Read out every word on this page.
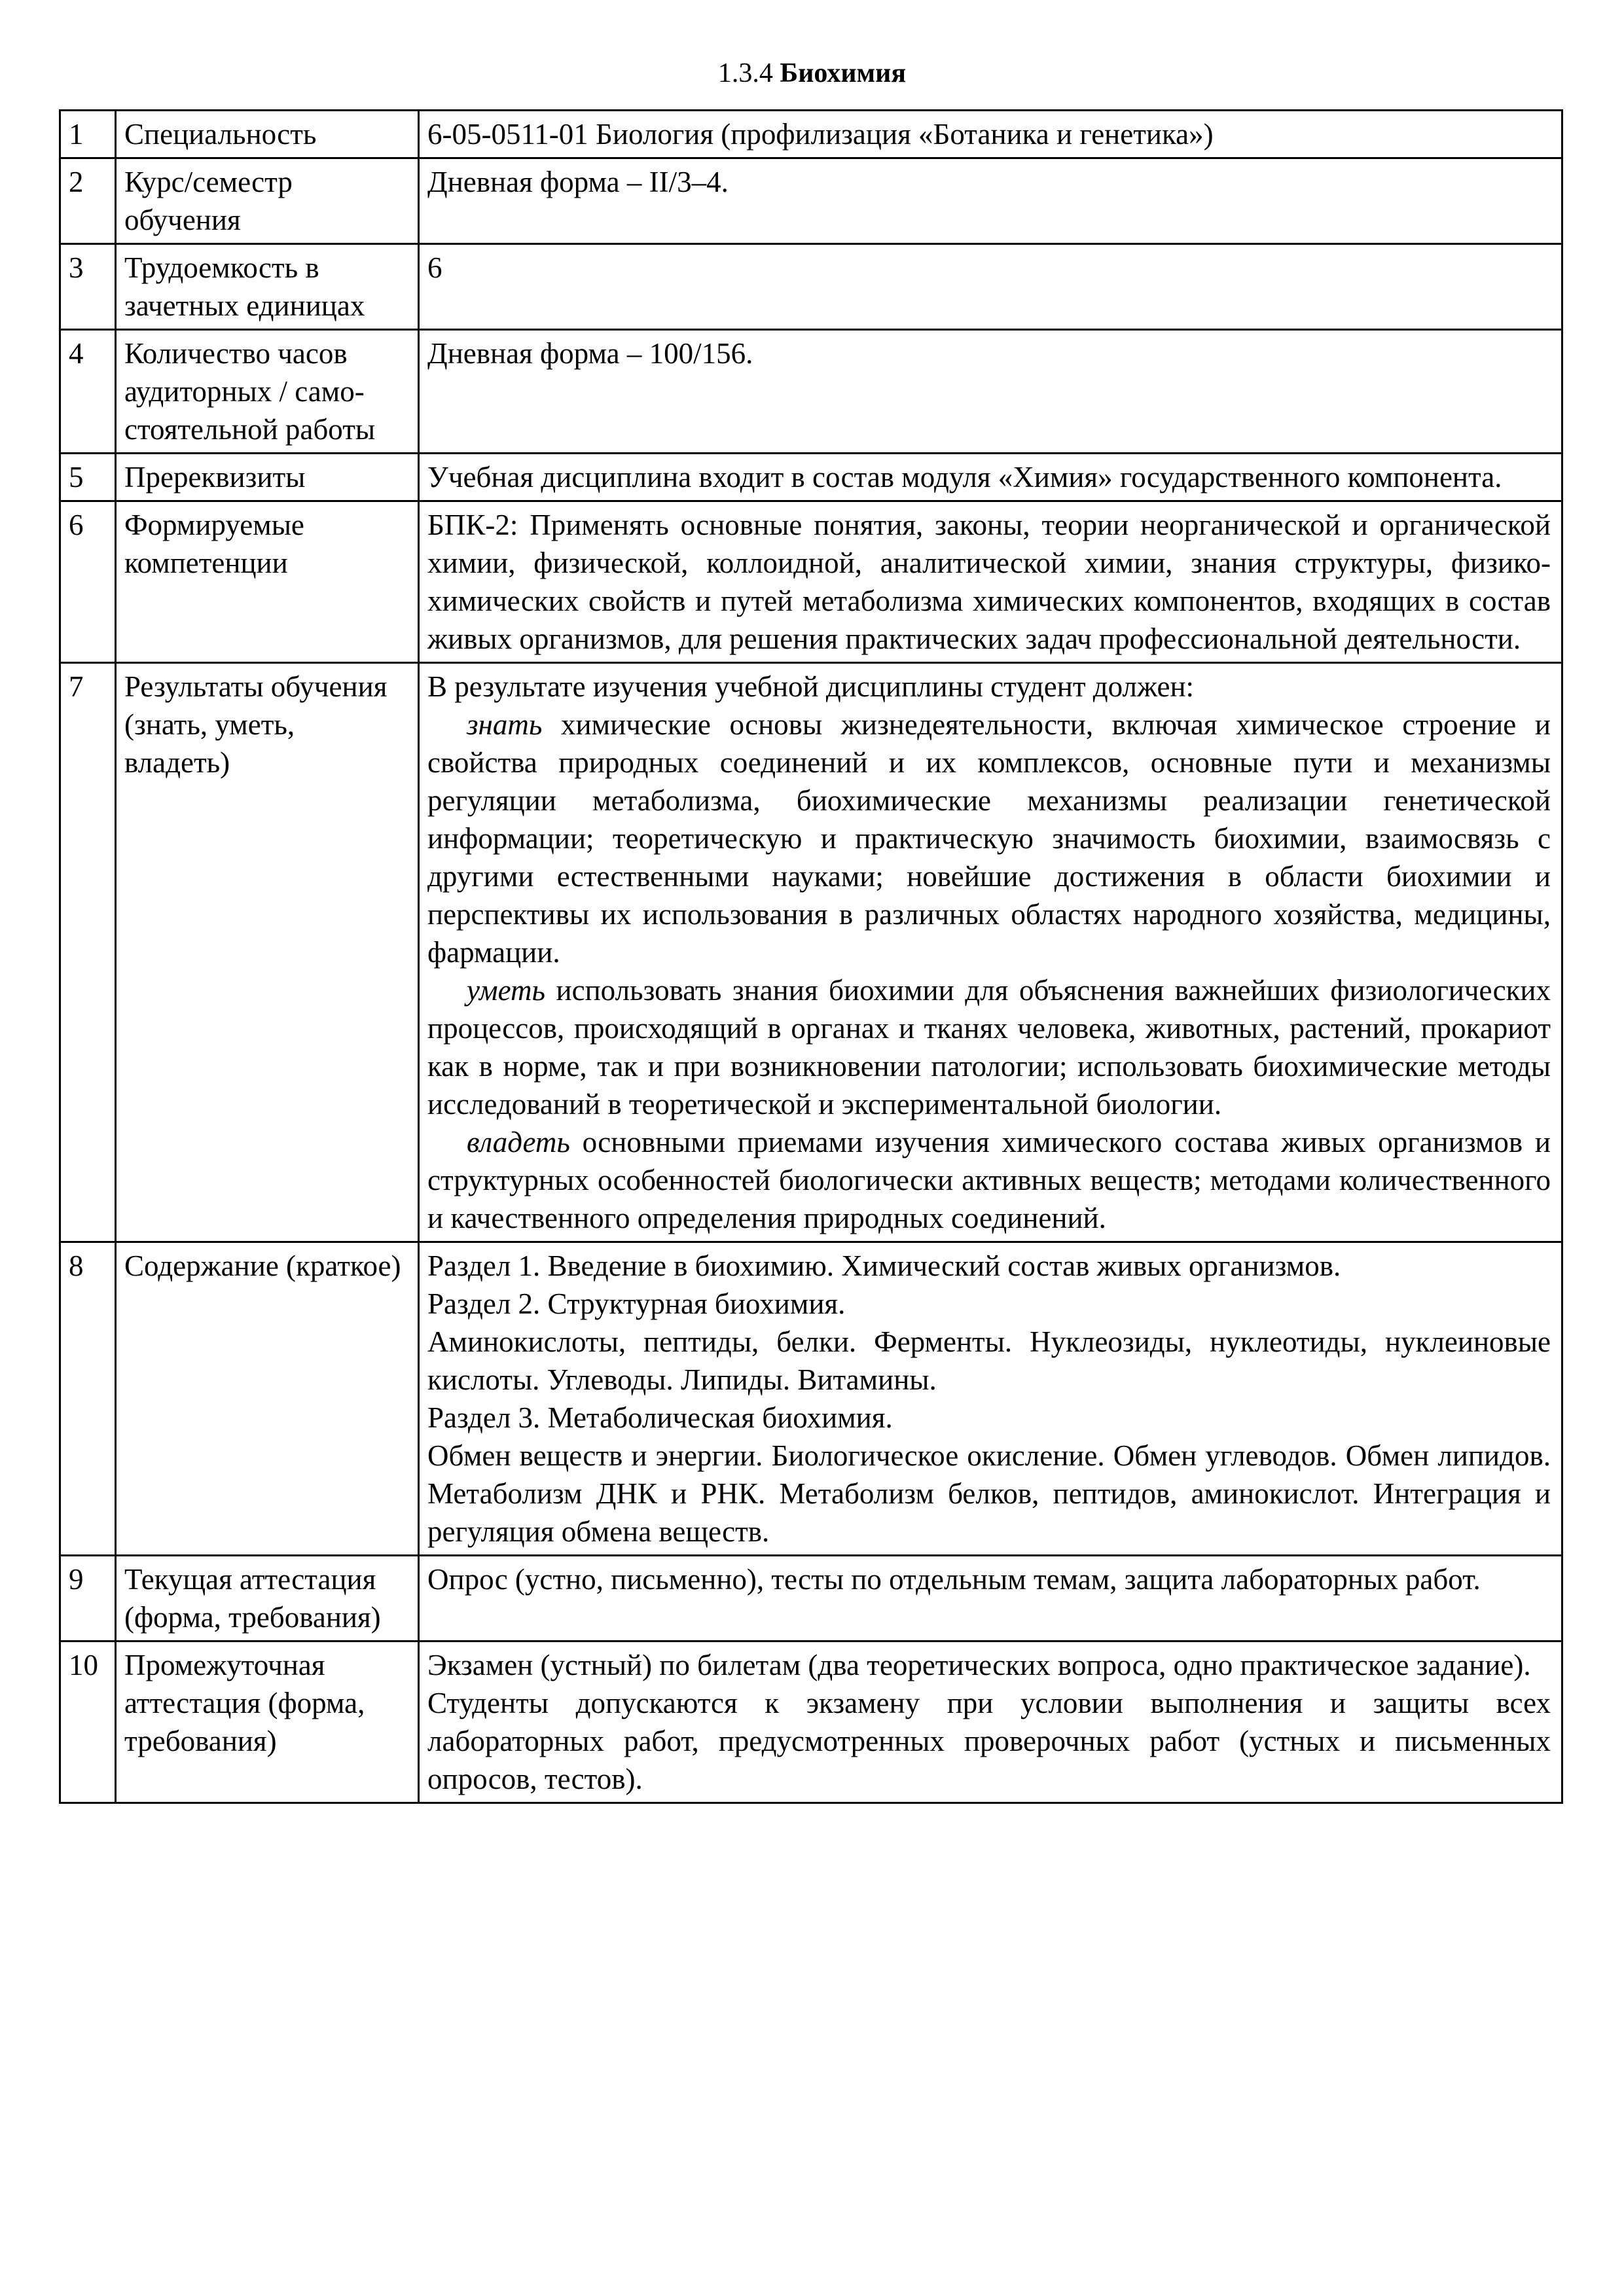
1.3.4 Биохимия
1	Специальность	6-05-0511-01 Биология (профилизация «Ботаника и генетика»)
2	Курс/семестр обучения	Дневная форма – II/3–4.
3	Трудоемкость в зачетных единицах	6
4	Количество часов аудиторных / само-стоятельной работы	Дневная форма – 100/156.
5	Пререквизиты	Учебная дисциплина входит в состав модуля «Химия» государственного компонента.
6	Формируемые компетенции	БПК-2: Применять основные понятия, законы, теории неорганической и органической химии, физической, коллоидной, аналитической химии, знания структуры, физико-химических свойств и путей метаболизма химических компонентов, входящих в состав живых организмов, для решения практических задач профессиональной деятельности.
7	Результаты обучения (знать, уметь, владеть)	В результате изучения учебной дисциплины студент должен:

знать химические основы жизнедеятельности, включая химическое строение и свойства природных соединений и их комплексов, основные пути и механизмы регуляции метаболизма, биохимические механизмы реализации генетической информации; теоретическую и практическую значимость биохимии, взаимосвязь с другими естественными науками; новейшие достижения в области биохимии и перспективы их использования в различных областях народного хозяйства, медицины, фармации.

уметь использовать знания биохимии для объяснения важнейших физиологических процессов, происходящий в органах и тканях человека, животных, растений, прокариот как в норме, так и при возникновении патологии; использовать биохимические методы исследований в теоретической и экспериментальной биологии.

владеть основными приемами изучения химического состава живых организмов и структурных особенностей биологически активных веществ; методами количественного и качественного определения природных соединений.

8	Содержание (краткое)	Раздел 1. Введение в биохимию. Химический состав живых организмов.

Раздел 2. Структурная биохимия.

Аминокислоты, пептиды, белки. Ферменты. Нуклеозиды, нуклеотиды, нуклеиновые кислоты. Углеводы. Липиды. Витамины.

Раздел 3. Метаболическая биохимия.

Обмен веществ и энергии. Биологическое окисление. Обмен углеводов. Обмен липидов. Метаболизм ДНК и РНК. Метаболизм белков, пептидов, аминокислот. Интеграция и регуляция обмена веществ.

9	Текущая аттестация (форма, требования)	Опрос (устно, письменно), тесты по отдельным темам, защита лабораторных работ.
10	Промежуточная аттестация (форма, требования)	Экзамен (устный) по билетам (два теоретических вопроса, одно практическое задание).

Студенты допускаются к экзамену при условии выполнения и защиты всех лабораторных работ, предусмотренных проверочных работ (устных и письменных опросов, тестов).
